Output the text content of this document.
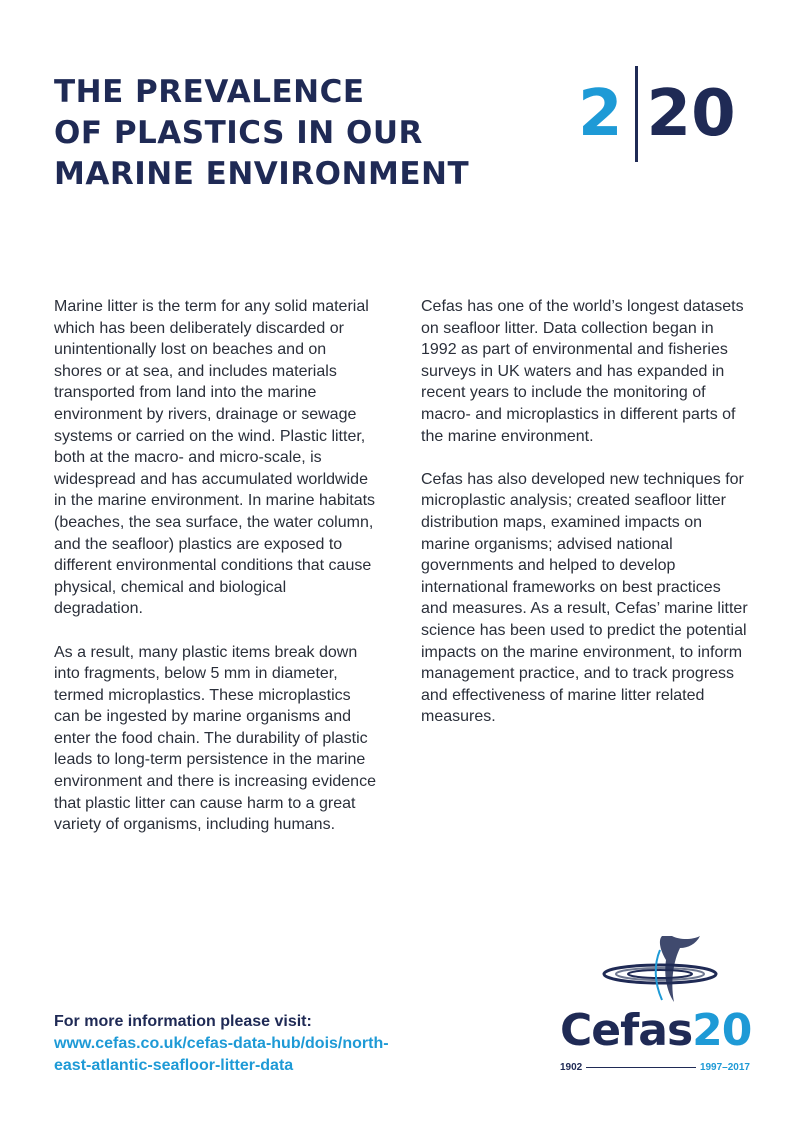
THE PREVALENCE
OF PLASTICS IN OUR
MARINE ENVIRONMENT
2 20

Marine litter is the term for any solid material which has been deliberately discarded or unintentionally lost on beaches and on shores or at sea, and includes materials transported from land into the marine environment by rivers, drainage or sewage systems or carried on the wind. Plastic litter, both at the macro- and micro-scale, is widespread and has accumulated worldwide in the marine environment. In marine habitats (beaches, the sea surface, the water column, and the seafloor) plastics are exposed to different environmental conditions that cause physical, chemical and biological degradation.

As a result, many plastic items break down into fragments, below 5 mm in diameter, termed microplastics. These microplastics can be ingested by marine organisms and enter the food chain. The durability of plastic leads to long-term persistence in the marine environment and there is increasing evidence that plastic litter can cause harm to a great variety of organisms, including humans.

Cefas has one of the world’s longest datasets on seafloor litter. Data collection began in 1992 as part of environmental and fisheries surveys in UK waters and has expanded in recent years to include the monitoring of macro- and microplastics in different parts of the marine environment.

Cefas has also developed new techniques for microplastic analysis; created seafloor litter distribution maps, examined impacts on marine organisms; advised national governments and helped to develop international frameworks on best practices and measures. As a result, Cefas’ marine litter science has been used to predict the potential impacts on the marine environment, to inform management practice, and to track progress and effectiveness of marine litter related measures.

For more information please visit:
www.cefas.co.uk/cefas-data-hub/dois/north-
east-atlantic-seafloor-litter-data
Cefas20
1902	1997–2017
